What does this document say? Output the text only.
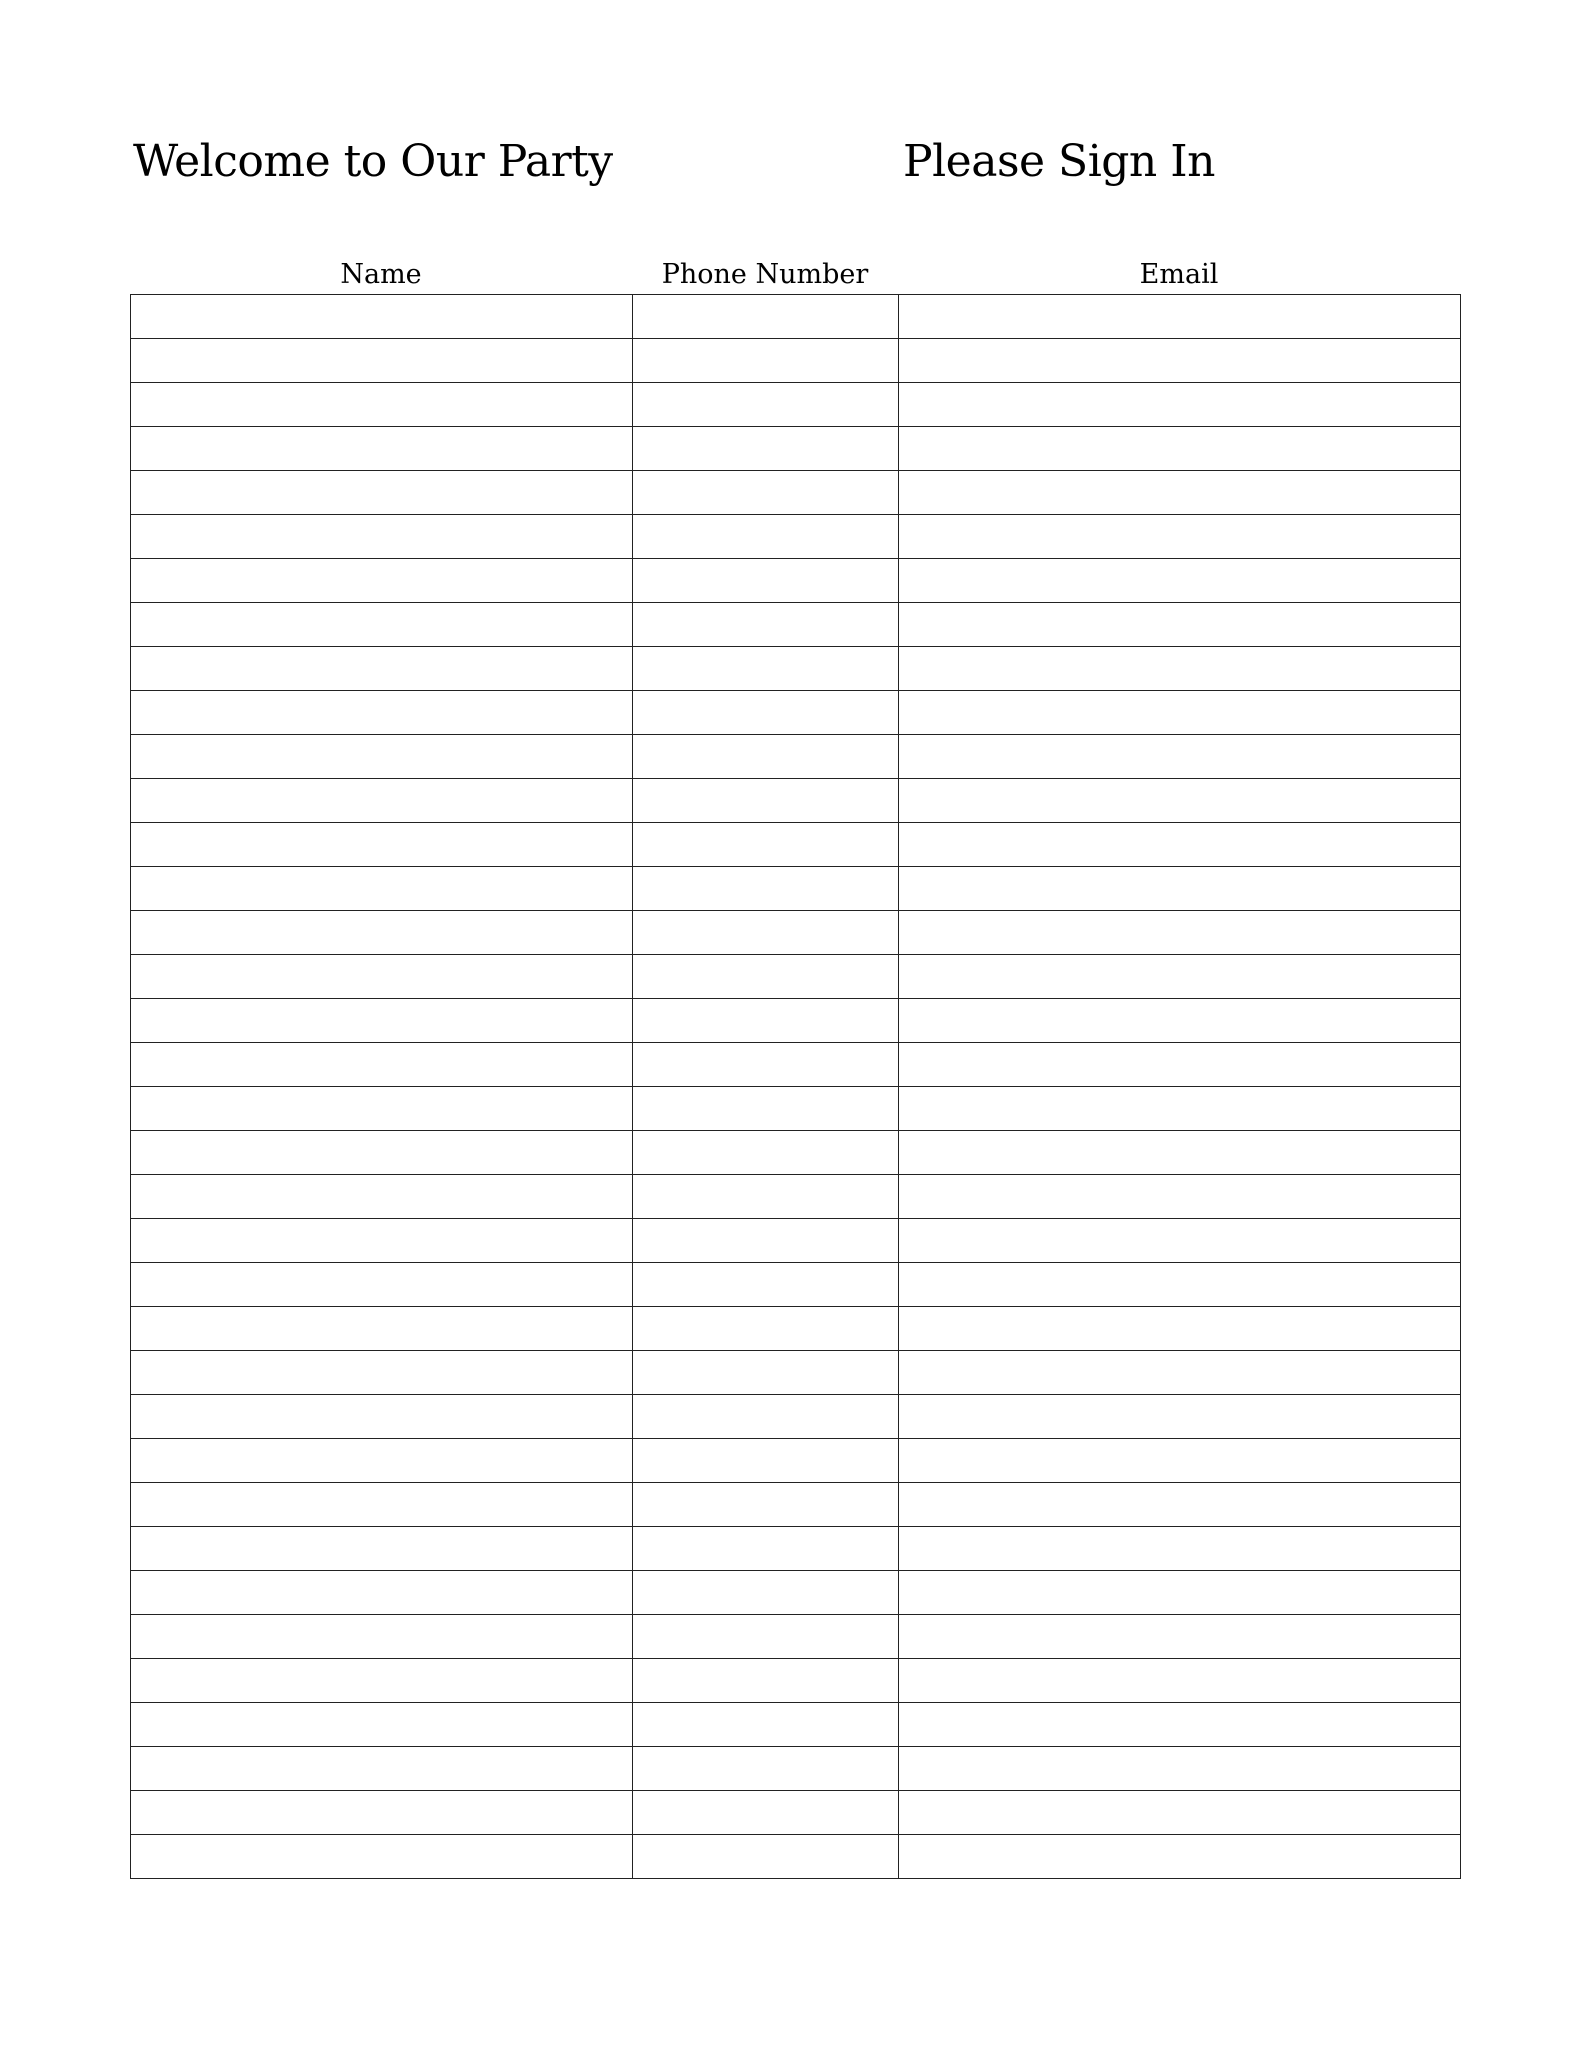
Welcome to Our Party	Please Sign In
Name	Phone Number	Email
